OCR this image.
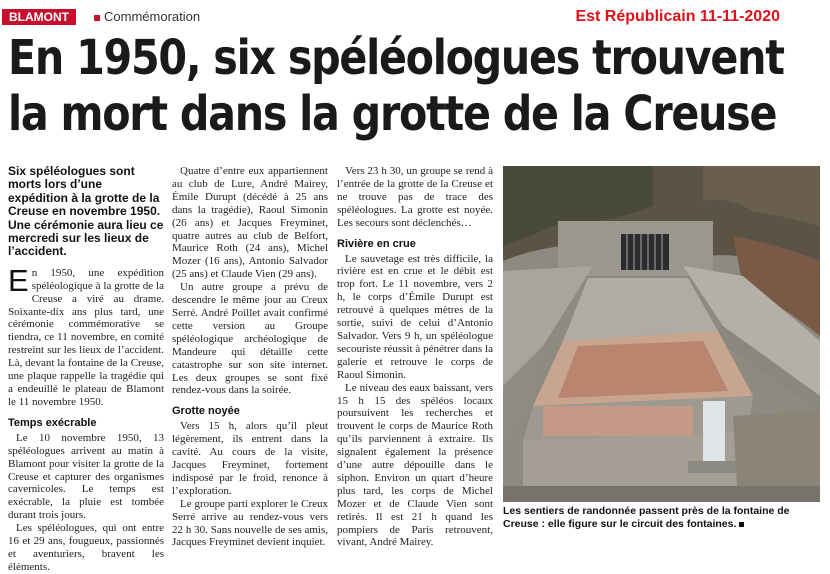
BLAMONT	Commémoration	Est Républicain 11-11-2020
En 1950, six spéléologues trouvent
la mort dans la grotte de la Creuse
Six spéléologues sont morts lors d’une expédition à la grotte de la Creuse en novembre 1950. Une cérémonie aura lieu ce mercredi sur les lieux de l’accident.

En 1950, une expédition spéléologique à la grotte de la Creuse a viré au drame. Soixante-dix ans plus tard, une cérémonie commémorative se tiendra, ce 11 novembre, en comité restreint sur les lieux de l’accident. Là, devant la fontaine de la Creuse, une plaque rappelle la tragédie qui a endeuillé le plateau de Blamont le 11 novembre 1950.

Temps exécrable

Le 10 novembre 1950, 13 spéléologues arrivent au matin à Blamont pour visiter la grotte de la Creuse et capturer des organismes cavernicoles. Le temps est exécrable, la pluie est tombée durant trois jours.

Les spéléologues, qui ont entre 16 et 29 ans, fougueux, passionnés et aventuriers, bravent les éléments.

Quatre d’entre eux appartiennent au club de Lure, André Mairey, Émile Durupt (décédé à 25 ans dans la tragédie), Raoul Simonin (26 ans) et Jacques Freyminet, quatre autres au club de Belfort, Maurice Roth (24 ans), Michel Mozer (16 ans), Antonio Salvador (25 ans) et Claude Vien (29 ans).

Un autre groupe a prévu de descendre le même jour au Creux Serré. André Poillet avait confirmé cette version au Groupe spéléologique archéologique de Mandeure qui détaille cette catastrophe sur son site internet. Les deux groupes se sont fixé rendez-vous dans la soirée.

Grotte noyée

Vers 15 h, alors qu’il pleut légèrement, ils entrent dans la cavité. Au cours de la visite, Jacques Freyminet, fortement indisposé par le froid, renonce à l’exploration.

Le groupe parti explorer le Creux Serré arrive au rendez-vous vers 22 h 30. Sans nouvelle de ses amis, Jacques Freyminet devient inquiet.

Vers 23 h 30, un groupe se rend à l’entrée de la grotte de la Creuse et ne trouve pas de trace des spéléologues. La grotte est noyée. Les secours sont déclenchés…

Rivière en crue

Le sauvetage est très difficile, la rivière est en crue et le débit est trop fort. Le 11 novembre, vers 2 h, le corps d’Émile Durupt est retrouvé à quelques mètres de la sortie, suivi de celui d’Antonio Salvador. Vers 9 h, un spéléologue secouriste réussit à pénétrer dans la galerie et retrouve le corps de Raoul Simonin.

Le niveau des eaux baissant, vers 15 h 15 des spéléos locaux poursuivent les recherches et trouvent le corps de Maurice Roth qu’ils parviennent à extraire. Ils signalent également la présence d’une autre dépouille dans le siphon. Environ un quart d’heure plus tard, les corps de Michel Mozer et de Claude Vien sont retirés. Il est 21 h quand les pompiers de Paris retrouvent, vivant, André Mairey.

Les sentiers de randonnée passent près de la fontaine de Creuse : elle figure sur le circuit des fontaines.
